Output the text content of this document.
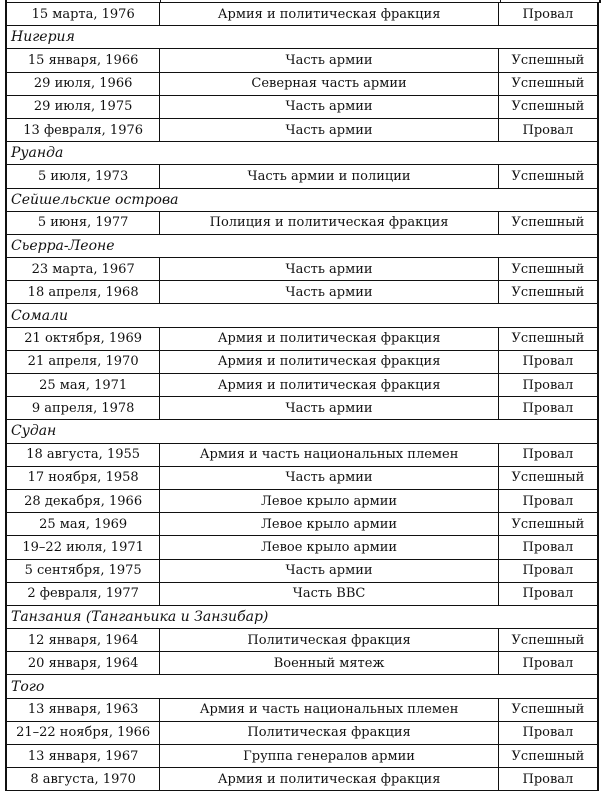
15 марта, 1976	Армия и политическая фракция	Провал
Нигерия		
15 января, 1966	Часть армии	Успешный
29 июля, 1966	Северная часть армии	Успешный
29 июля, 1975	Часть армии	Успешный
13 февраля, 1976	Часть армии	Провал
Руанда		
5 июля, 1973	Часть армии и полиции	Успешный
Сейшельские острова		
5 июня, 1977	Полиция и политическая фракция	Успешный
Сьерра-Леоне		
23 марта, 1967	Часть армии	Успешный
18 апреля, 1968	Часть армии	Успешный
Сомали		
21 октября, 1969	Армия и политическая фракция	Успешный
21 апреля, 1970	Армия и политическая фракция	Провал
25 мая, 1971	Армия и политическая фракция	Провал
9 апреля, 1978	Часть армии	Провал
Судан		
18 августа, 1955	Армия и часть национальных племен	Провал
17 ноября, 1958	Часть армии	Успешный
28 декабря, 1966	Левое крыло армии	Провал
25 мая, 1969	Левое крыло армии	Успешный
19–22 июля, 1971	Левое крыло армии	Провал
5 сентября, 1975	Часть армии	Провал
2 февраля, 1977	Часть ВВС	Провал
Танзания (Танганьика и Занзибар)		
12 января, 1964	Политическая фракция	Успешный
20 января, 1964	Военный мятеж	Провал
Того		
13 января, 1963	Армия и часть национальных племен	Успешный
21–22 ноября, 1966	Политическая фракция	Провал
13 января, 1967	Группа генералов армии	Успешный
8 августа, 1970	Армия и политическая фракция	Провал
